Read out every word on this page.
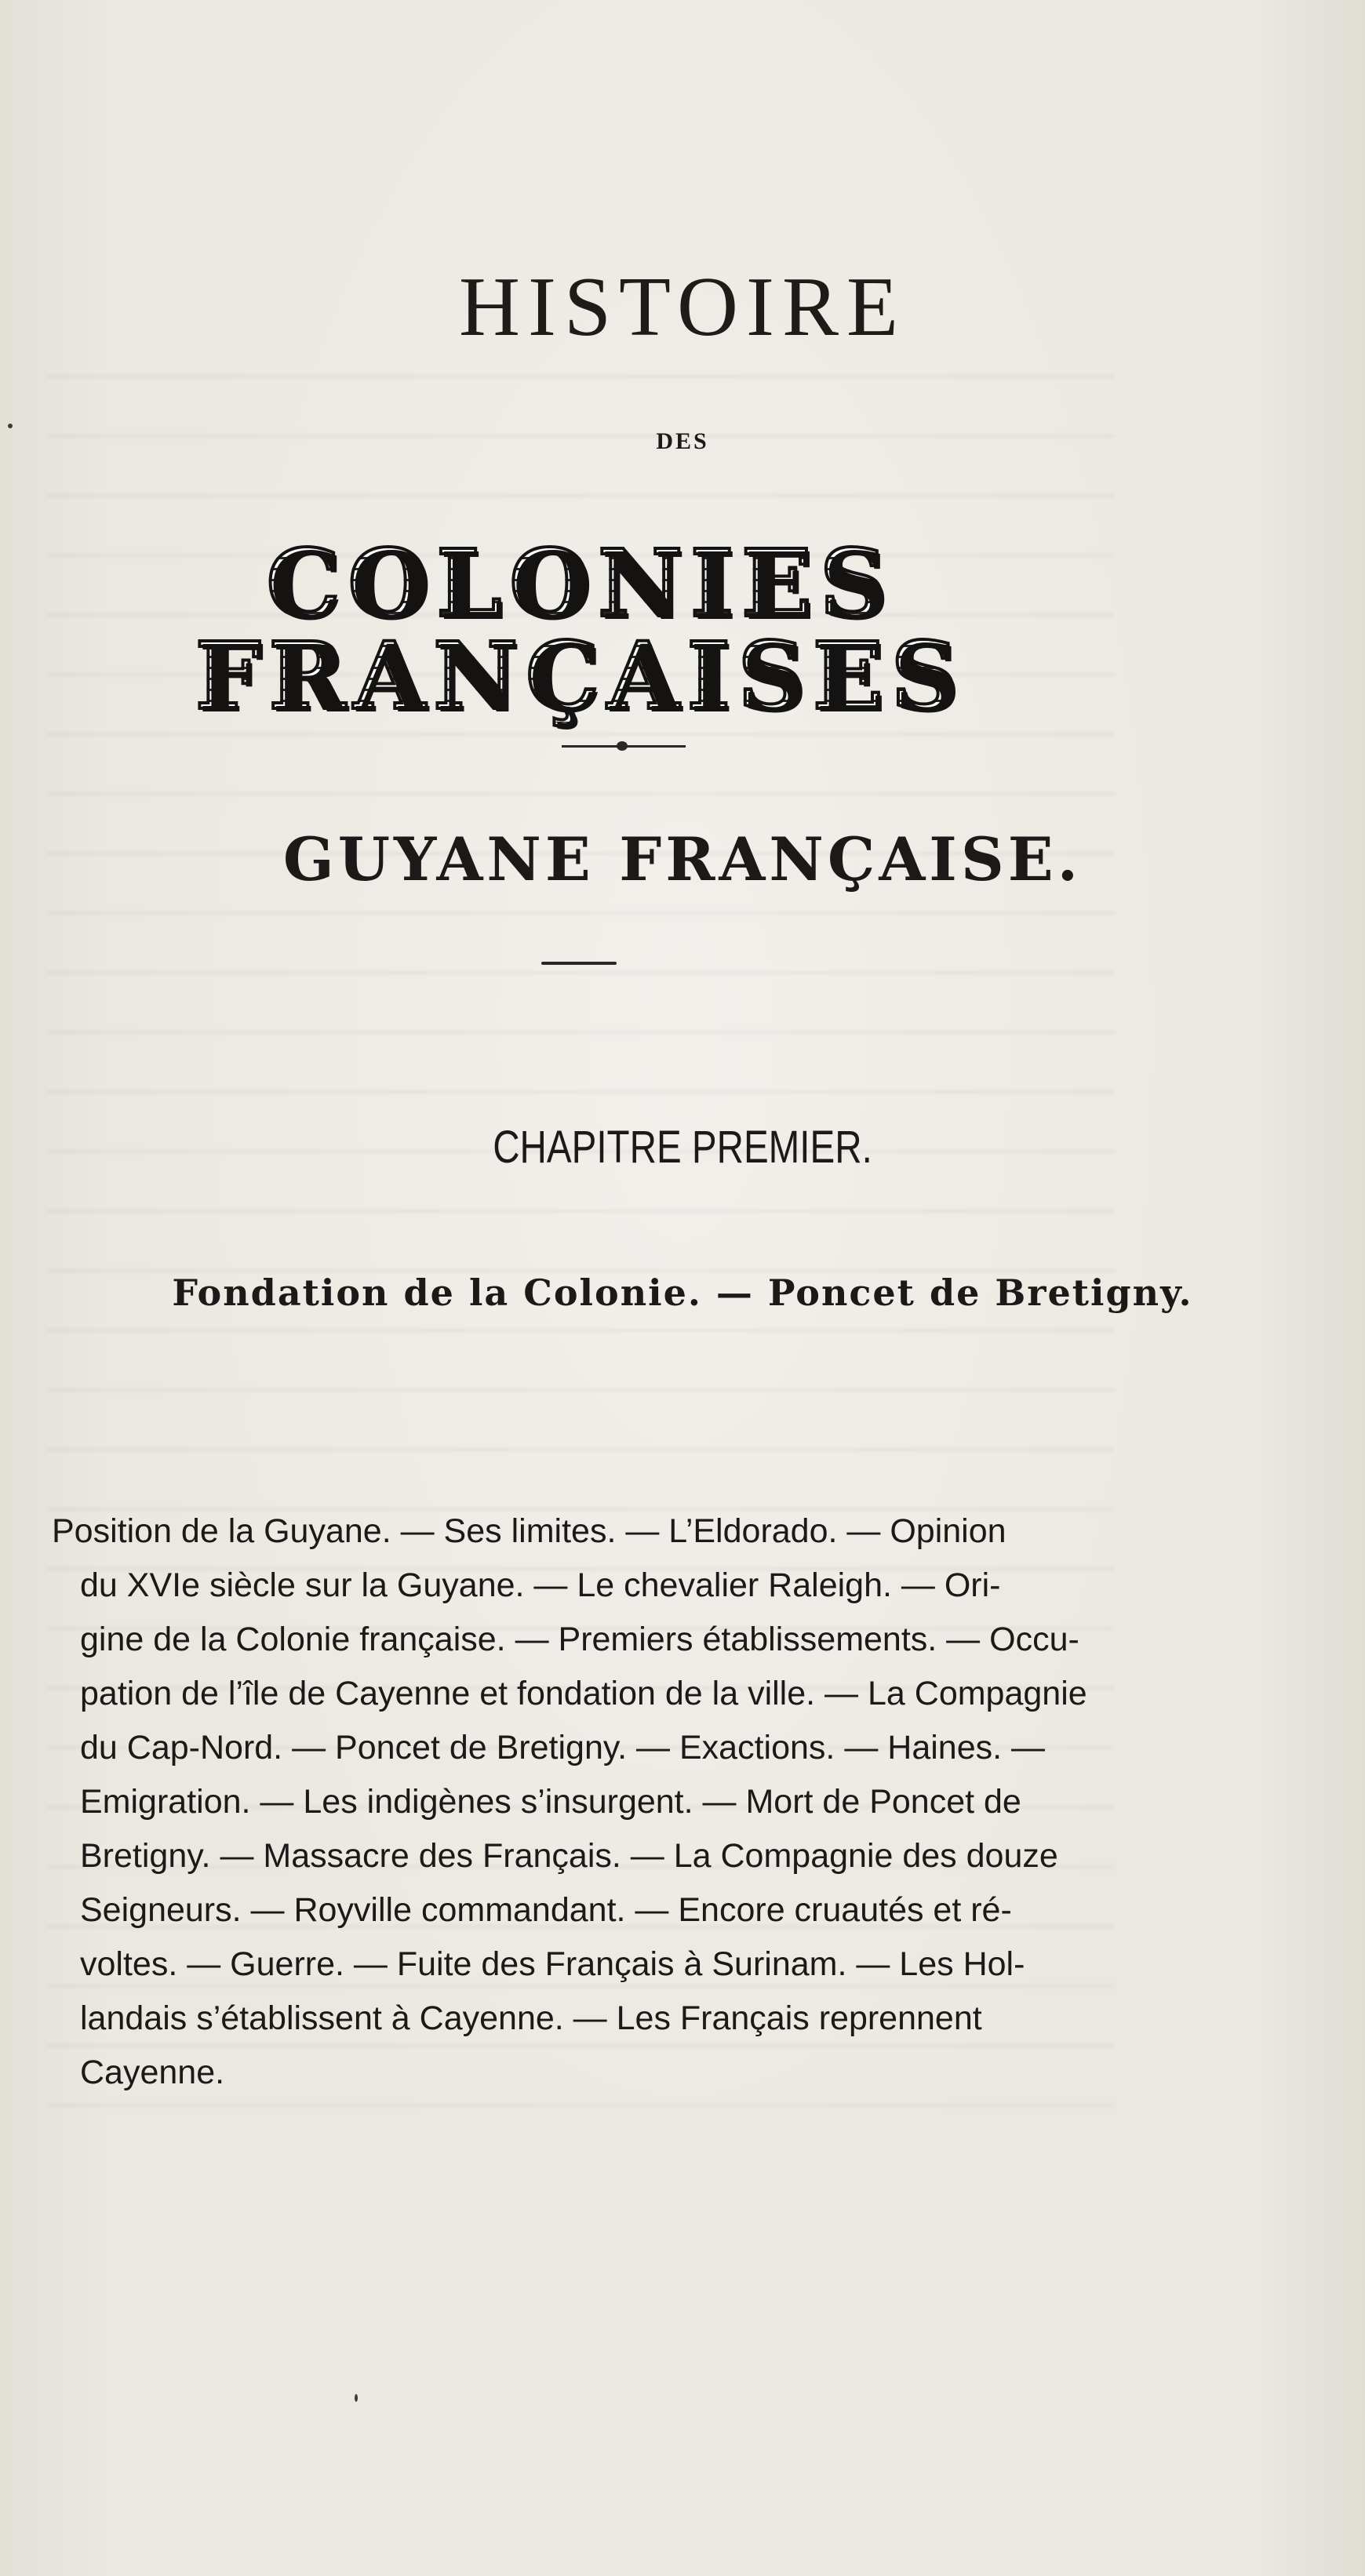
HISTOIRE
DES
COLONIES FRANÇAISES
GUYANE FRANÇAISE.
CHAPITRE PREMIER.
Fondation de la Colonie. — Poncet de Bretigny.
Position de la Guyane. — Ses limites. — L’Eldorado. — Opinion
du XVIe siècle sur la Guyane. — Le chevalier Raleigh. — Ori-
gine de la Colonie française. — Premiers établissements. — Occu-
pation de l’île de Cayenne et fondation de la ville. — La Compagnie
du Cap-Nord. — Poncet de Bretigny. — Exactions. — Haines. —
Emigration. — Les indigènes s’insurgent. — Mort de Poncet de
Bretigny. — Massacre des Français. — La Compagnie des douze
Seigneurs. — Royville commandant. — Encore cruautés et ré-
voltes. — Guerre. — Fuite des Français à Surinam. — Les Hol-
landais s’établissent à Cayenne. — Les Français reprennent
Cayenne.
